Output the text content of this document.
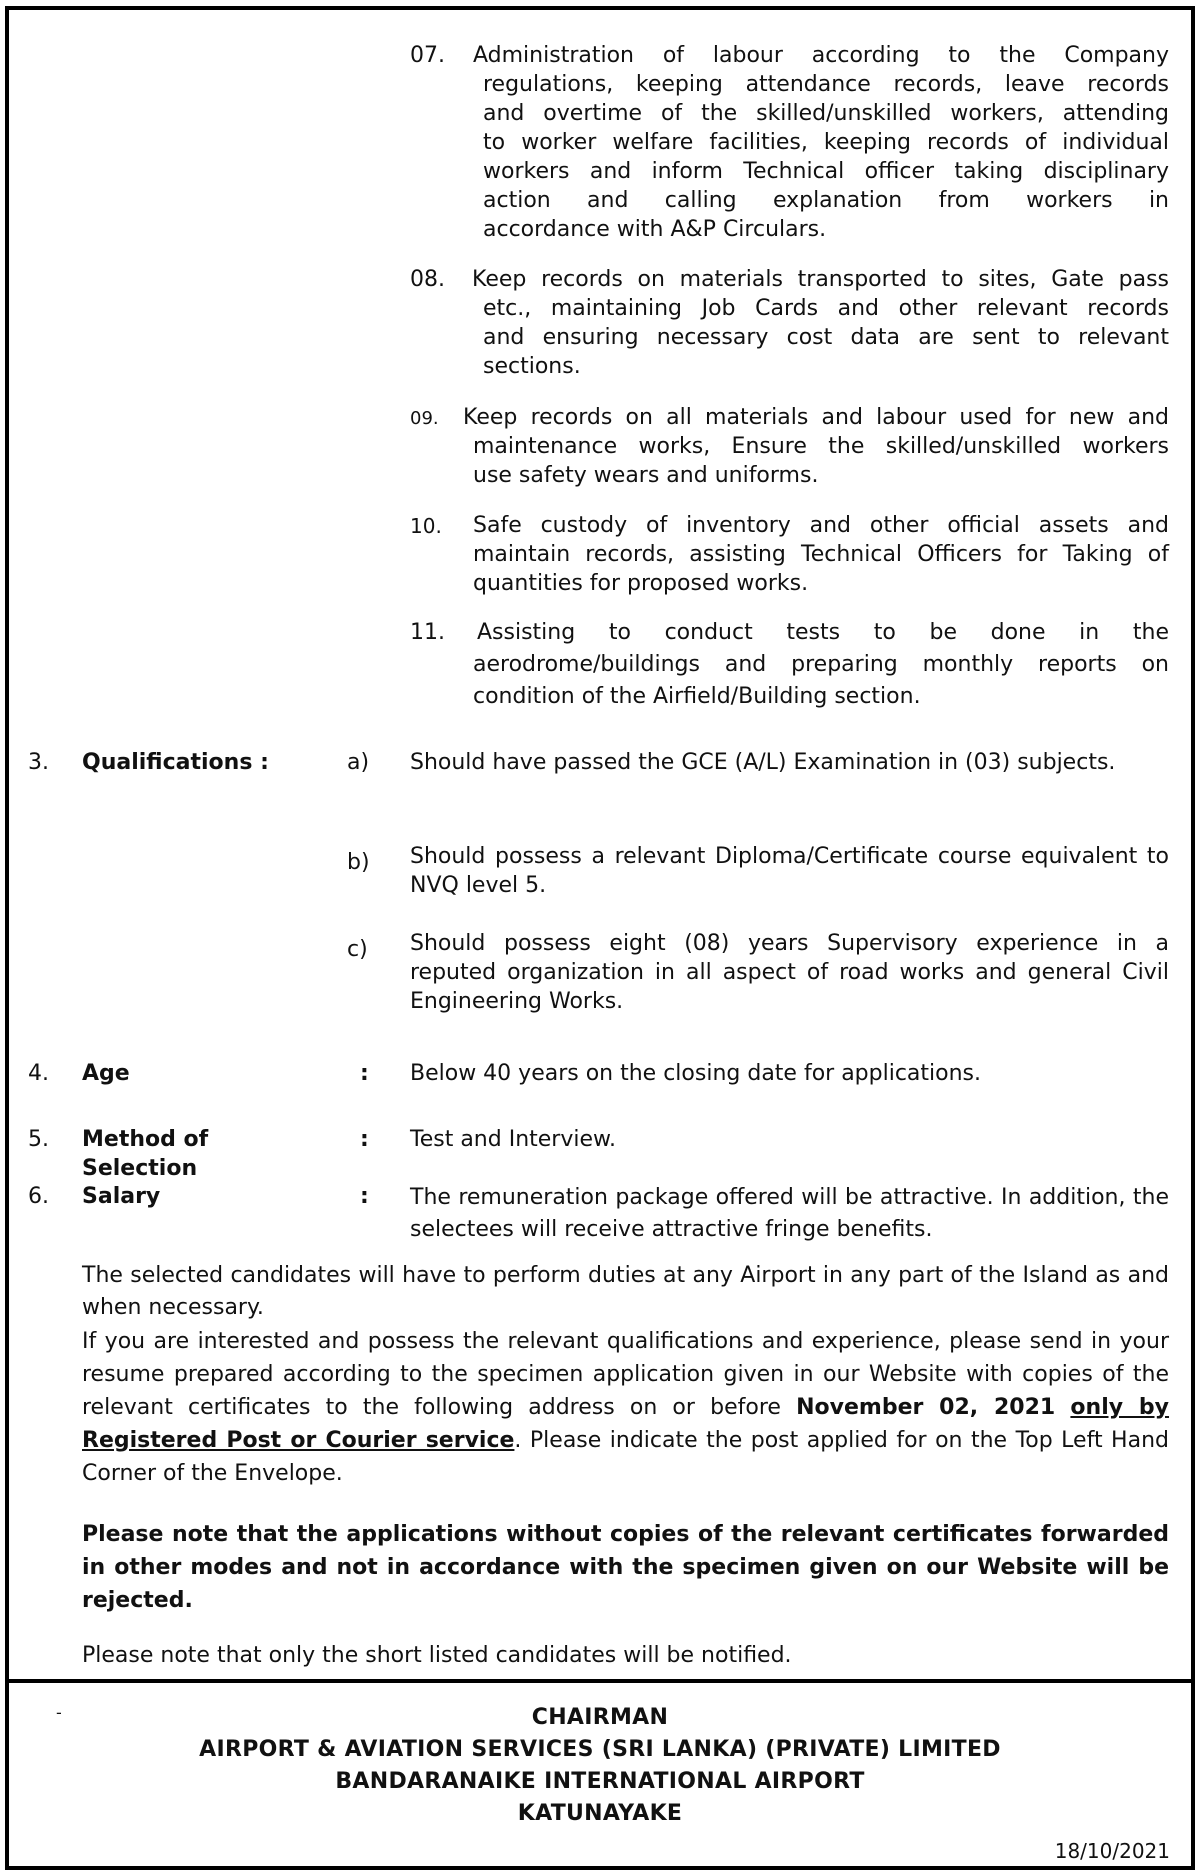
07. Administration of labour according to the Company
regulations, keeping attendance records, leave records
and overtime of the skilled/unskilled workers, attending
to worker welfare facilities, keeping records of individual
workers and inform Technical officer taking disciplinary
action and calling explanation from workers in
accordance with A&P Circulars.
08. Keep records on materials transported to sites, Gate pass
etc., maintaining Job Cards and other relevant records
and ensuring necessary cost data are sent to relevant
sections.
09. Keep records on all materials and labour used for new and
maintenance works, Ensure the skilled/unskilled workers
use safety wears and uniforms.
10. Safe custody of inventory and other official assets and
maintain records, assisting Technical Officers for Taking of
quantities for proposed works.
11. Assisting to conduct tests to be done in the
aerodrome/buildings and preparing monthly reports on
condition of the Airfield/Building section.
3. Qualifications :	a) Should have passed the GCE (A/L) Examination in (03) subjects.
b) Should possess a relevant Diploma/Certificate course equivalent to NVQ level 5.
c) Should possess eight (08) years Supervisory experience in a reputed organization in all aspect of road works and general Civil Engineering Works.
4. Age	: Below 40 years on the closing date for applications.
5. Method of
Selection
: Test and Interview.
6. Salary	: The remuneration package offered will be attractive. In addition, the selectees will receive attractive fringe benefits.
The selected candidates will have to perform duties at any Airport in any part of the Island as and when necessary.
If you are interested and possess the relevant qualifications and experience, please send in your resume prepared according to the specimen application given in our Website with copies of the relevant certificates to the following address on or before November 02, 2021 only by Registered Post or Courier service. Please indicate the post applied for on the Top Left Hand Corner of the Envelope.
Please note that the applications without copies of the relevant certificates forwarded in other modes and not in accordance with the specimen given on our Website will be rejected.
Please note that only the short listed candidates will be notified.
-	CHAIRMAN
AIRPORT & AVIATION SERVICES (SRI LANKA) (PRIVATE) LIMITED
BANDARANAIKE INTERNATIONAL AIRPORT
KATUNAYAKE
18/10/2021
